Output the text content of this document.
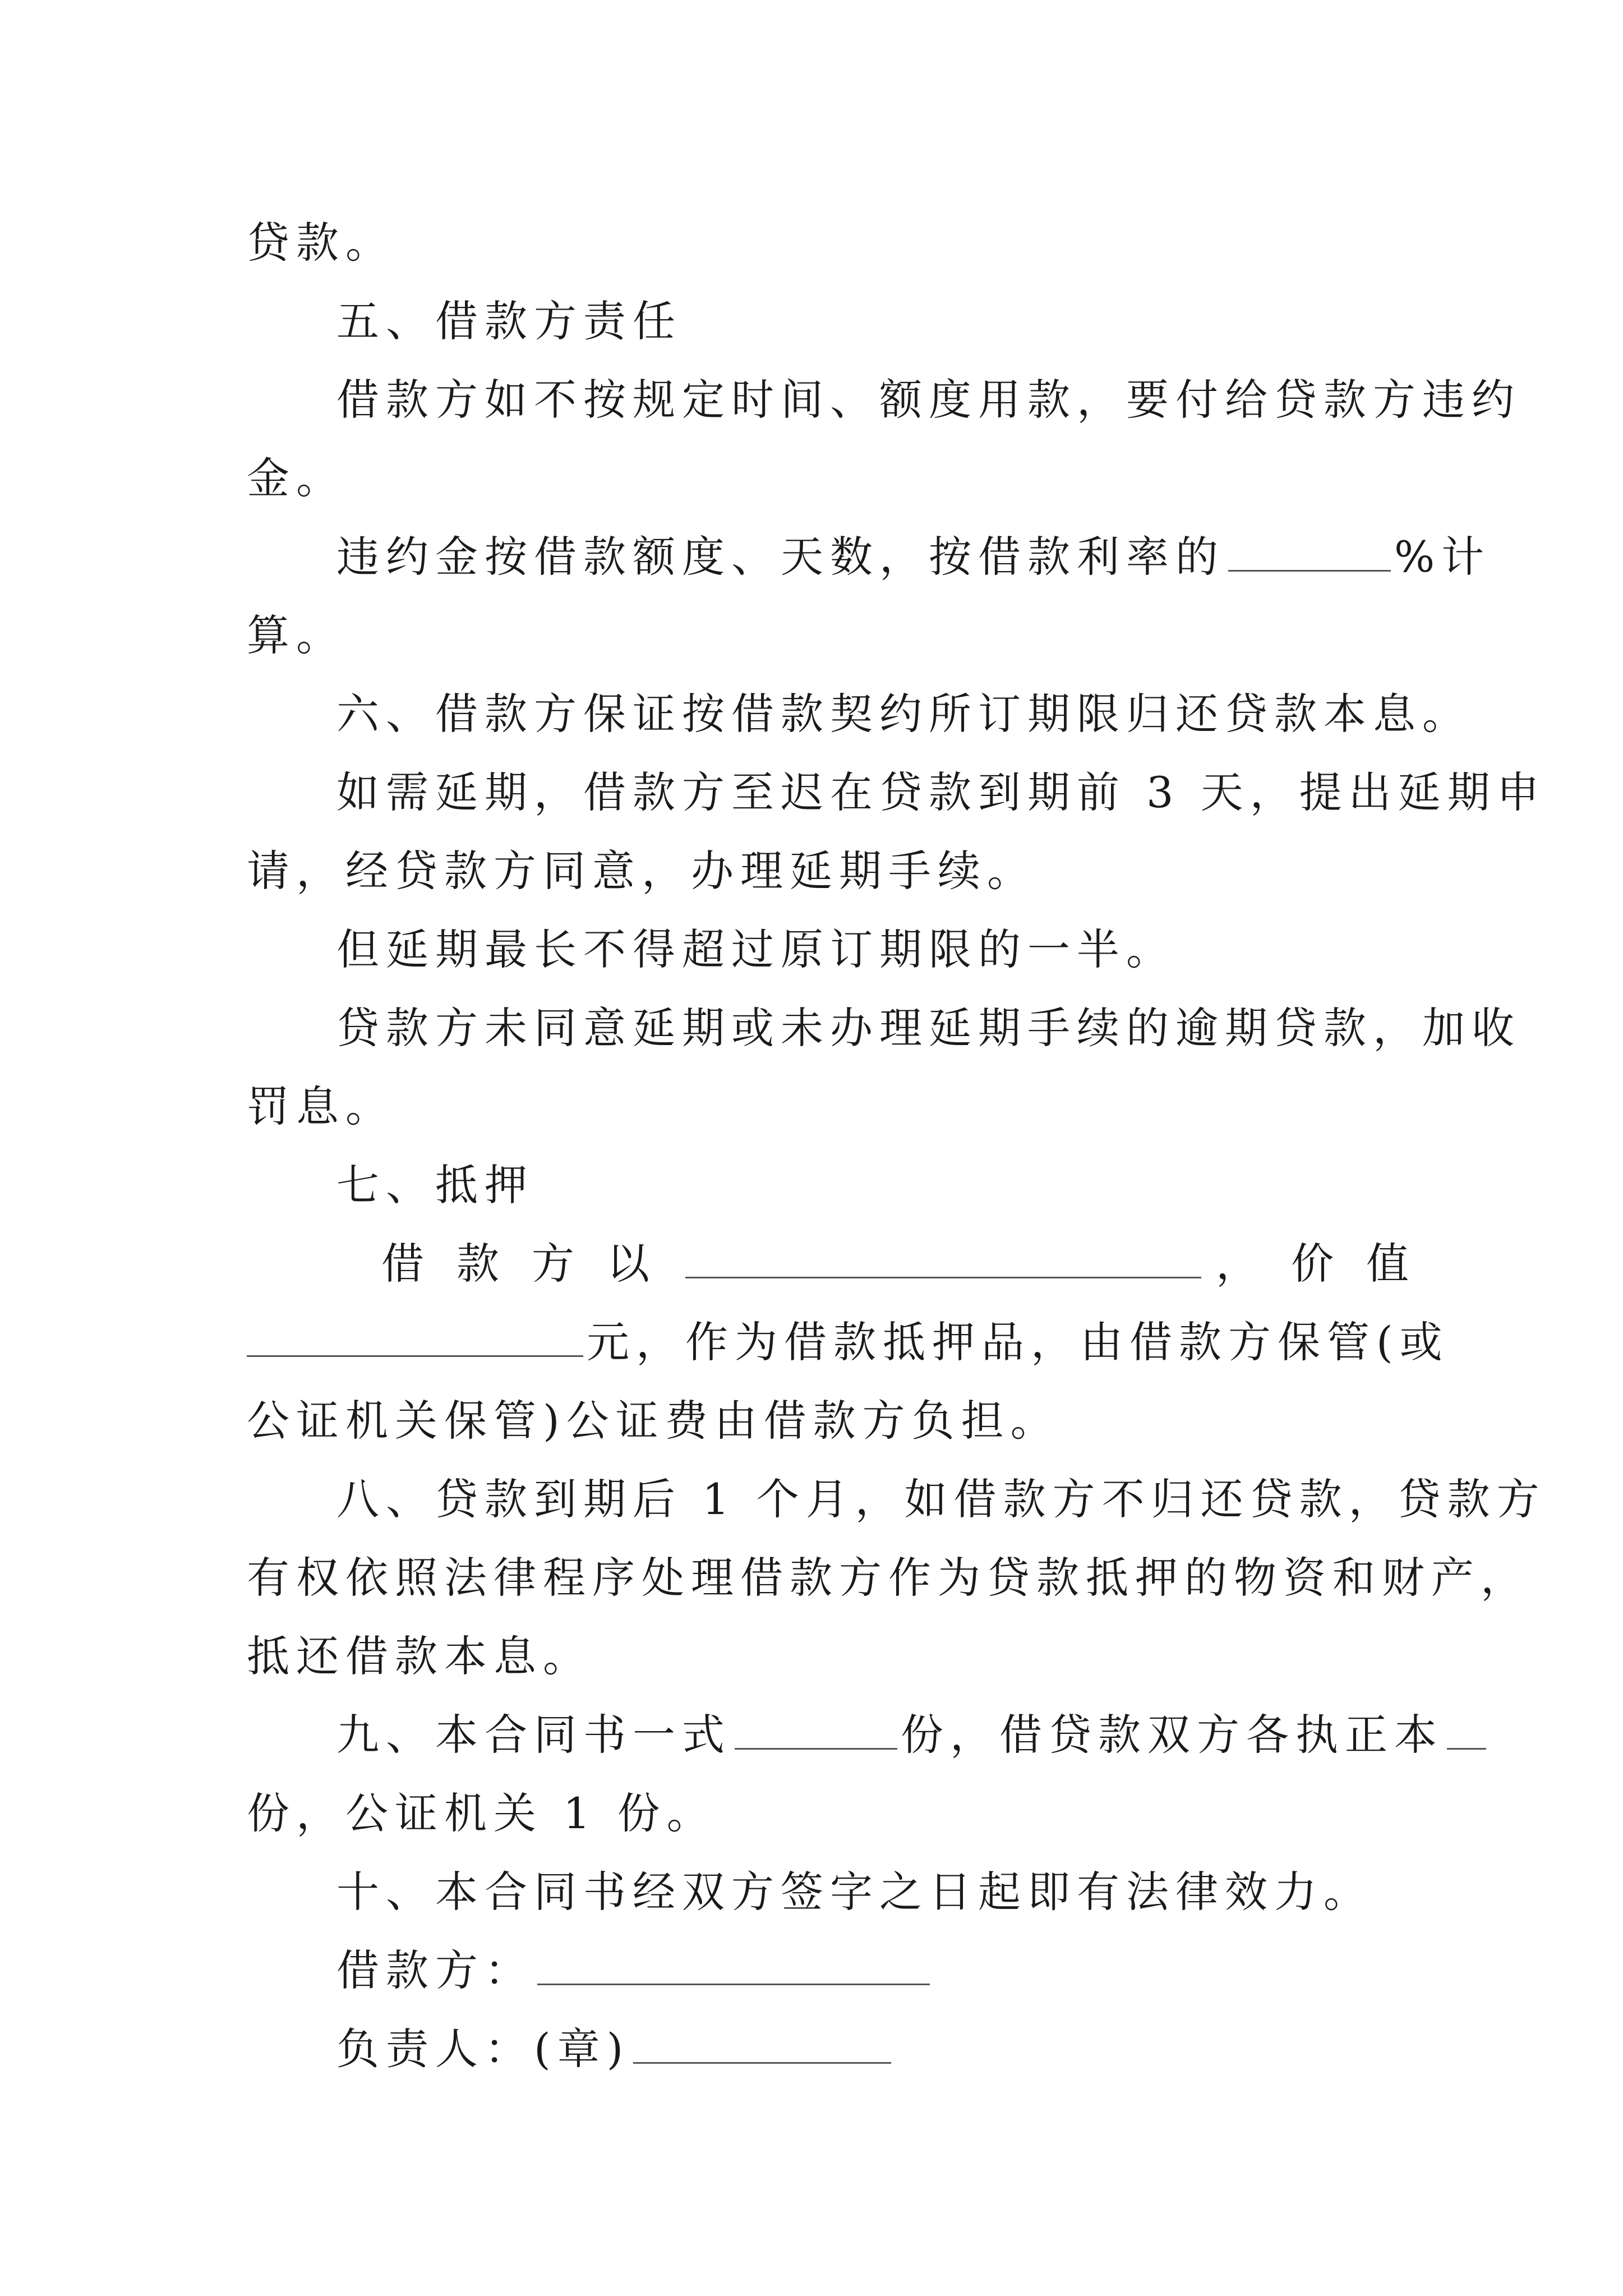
贷款。
五、借款方责任
借款方如不按规定时间、额度用款，要付给贷款方违约
金。
违约金按借款额度、天数，按借款利率的	%计
算。
六、借款方保证按借款契约所订期限归还贷款本息。
如需延期，借款方至迟在贷款到期前 3 天，提出延期申
请，经贷款方同意，办理延期手续。
但延期最长不得超过原订期限的一半。
贷款方未同意延期或未办理延期手续的逾期贷款，加收
罚息。
七、抵押
借款方以	，价值
元，作为借款抵押品，由借款方保管(或
公证机关保管)公证费由借款方负担。
八、贷款到期后 1 个月，如借款方不归还贷款，贷款方
有权依照法律程序处理借款方作为贷款抵押的物资和财产，
抵还借款本息。
九、本合同书一式	份，借贷款双方各执正本
份，公证机关 1 份。
十、本合同书经双方签字之日起即有法律效力。
借款方：
负责人：(章)
